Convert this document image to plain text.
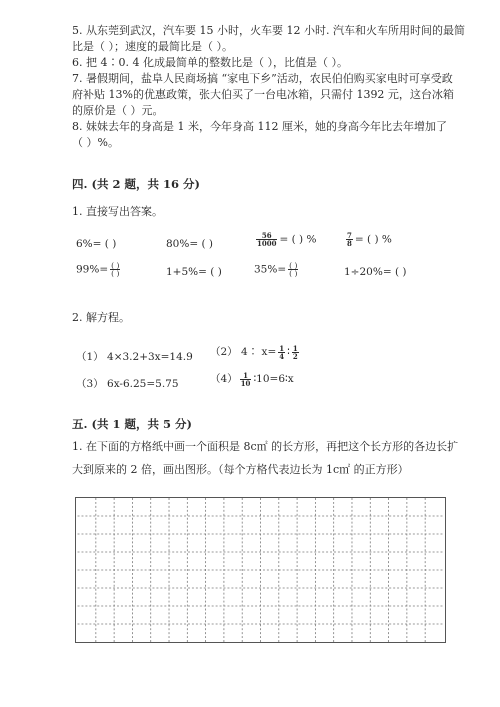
5. 从东莞到武汉，汽车要 15 小时，火车要 12 小时. 汽车和火车所用时间的最简
比是（ ）；速度的最简比是（ ）。
6. 把 4∶0. 4 化成最简单的整数比是（ ），比值是（ ）。
7. 暑假期间，盐阜人民商场搞 “家电下乡”活动，农民伯伯购买家电时可享受政
府补贴 13%的优惠政策，张大伯买了一台电冰箱，只需付 1392 元，这台冰箱
的原价是（ ）元。
8. 妹妹去年的身高是 1 米，今年身高 112 厘米，她的身高今年比去年增加了
（ ）%。
四. (共 2 题，共 16 分)
1. 直接写出答案。
6%= ( )	80%= ( )	$\frac{56}{1000}$ = ( ) %	$\frac{7}{8}$ = ( ) %
$99\%= \frac{( )}{( )}$	1+5%= ( )	$35\%= \frac{( )}{( )}$	1÷20%= ( )
2. 解方程。
（1） 4×3.2+3x=14.9 （2） 4∶ $x= \frac{1}{4}$ ∶ $\frac{1}{2}$
（3） 6x-6.25=5.75	$(4) \frac{1}{10}$ ∶10=6∶x
五. (共 1 题，共 5 分)
1. 在下面的方格纸中画一个面积是 8c㎡ 的长方形，再把这个长方形的各边长扩
大到原来的 2 倍，画出图形。（每个方格代表边长为 1c㎡ 的正方形）
